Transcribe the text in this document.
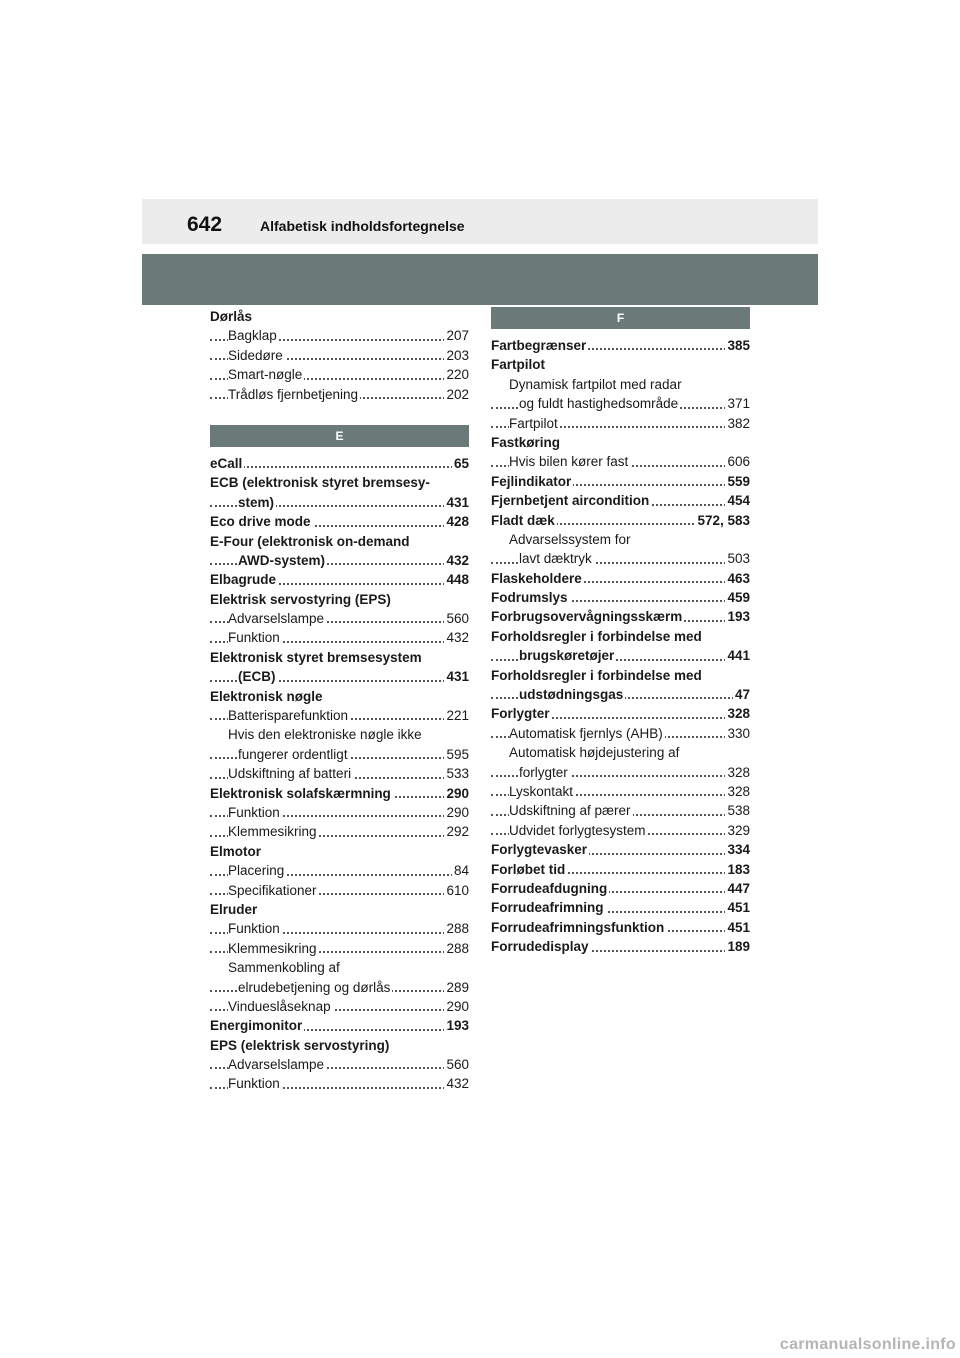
642	Alfabetisk indholdsfortegnelse
Dørlås
Bagklap	207
Sidedøre	203
Smart-nøgle	220
Trådløs fjernbetjening	202
E
eCall	65
ECB (elektronisk styret bremsesy-
stem)	431
Eco drive mode	428
E-Four (elektronisk on-demand
AWD-system)	432
Elbagrude	448
Elektrisk servostyring (EPS)
Advarselslampe	560
Funktion	432
Elektronisk styret bremsesystem
(ECB)	431
Elektronisk nøgle
Batterisparefunktion	221
Hvis den elektroniske nøgle ikke
fungerer ordentligt	595
Udskiftning af batteri	533
Elektronisk solafskærmning	290
Funktion	290
Klemmesikring	292
Elmotor
Placering	84
Specifikationer	610
Elruder
Funktion	288
Klemmesikring	288
Sammenkobling af
elrudebetjening og dørlås	289
Vindueslåseknap	290
Energimonitor	193
EPS (elektrisk servostyring)
Advarselslampe	560
Funktion	432
F
Fartbegrænser	385
Fartpilot
Dynamisk fartpilot med radar
og fuldt hastighedsområde	371
Fartpilot	382
Fastkøring
Hvis bilen kører fast	606
Fejlindikator	559
Fjernbetjent aircondition	454
Fladt dæk	572, 583
Advarselssystem for
lavt dæktryk	503
Flaskeholdere	463
Fodrumslys	459
Forbrugsovervågningsskærm	193
Forholdsregler i forbindelse med
brugskøretøjer	441
Forholdsregler i forbindelse med
udstødningsgas	47
Forlygter	328
Automatisk fjernlys (AHB)	330
Automatisk højdejustering af
forlygter	328
Lyskontakt	328
Udskiftning af pærer	538
Udvidet forlygtesystem	329
Forlygtevasker	334
Forløbet tid	183
Forrudeafdugning	447
Forrudeafrimning	451
Forrudeafrimningsfunktion	451
Forrudedisplay	189
carmanualsonline.info
